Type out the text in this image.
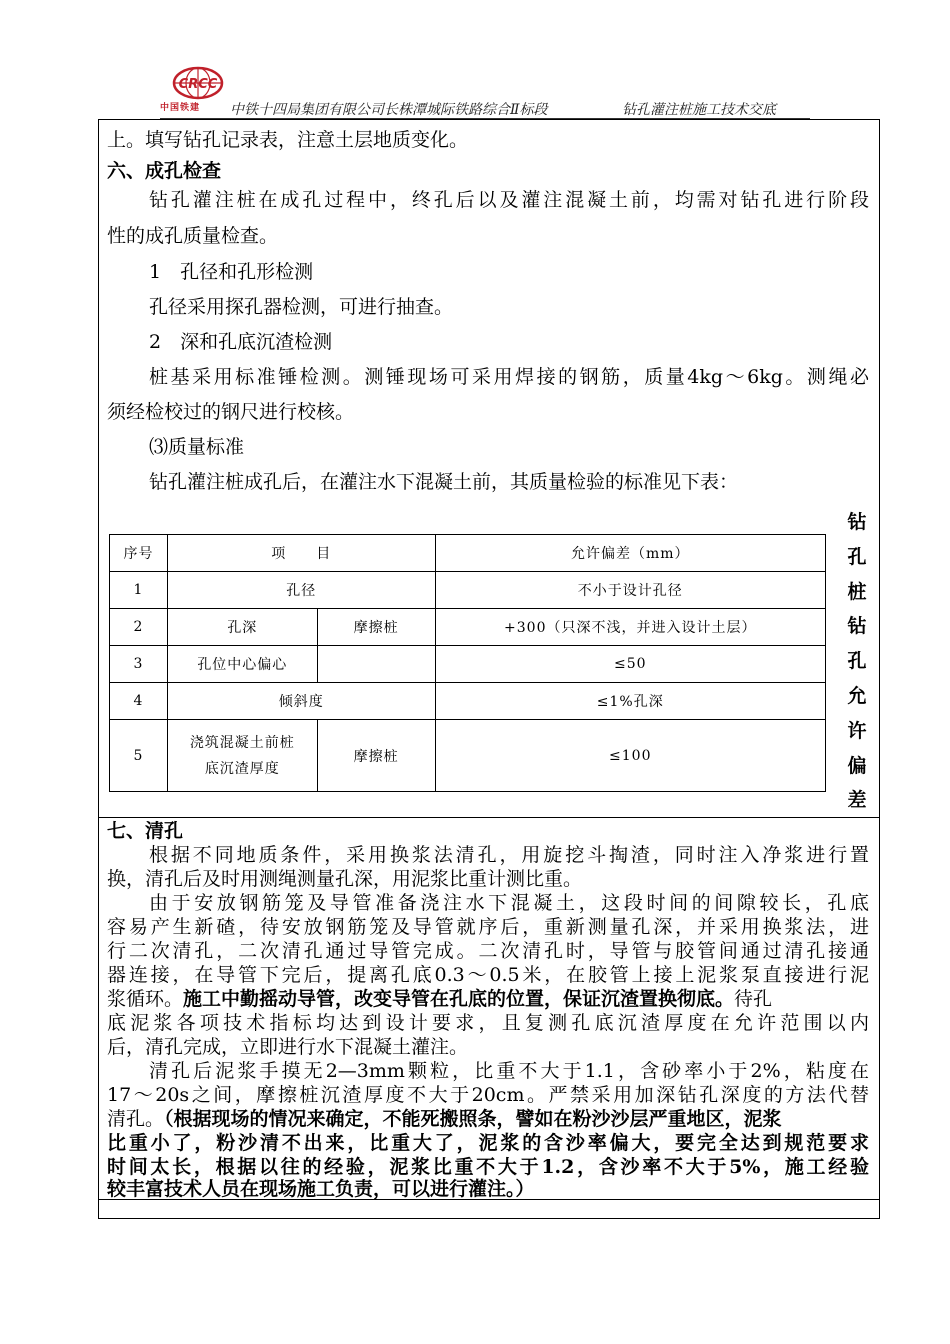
CRCC
中国铁建	中铁十四局集团有限公司长株潭城际铁路综合Ⅱ标段	钻孔灌注桩施工技术交底
上。填写钻孔记录表，注意土层地质变化。
六、成孔检查
钻孔灌注桩在成孔过程中，终孔后以及灌注混凝土前，均需对钻孔进行阶段
性的成孔质量检查。
1　孔径和孔形检测
孔径采用探孔器检测，可进行抽查。
2　深和孔底沉渣检测
桩基采用标准锤检测。测锤现场可采用焊接的钢筋，质量4kg～6kg。测绳必
须经检校过的钢尺进行校核。
⑶质量标准
钻孔灌注桩成孔后，在灌注水下混凝土前，其质量检验的标准见下表：
钻
孔
桩
钻
孔
允
许
偏
差
序号	项　　目		允许偏差（mm）
1	孔径		不小于设计孔径
2	孔深	摩擦桩	+300（只深不浅，并进入设计土层）
3	孔位中心偏心		≤50
4	倾斜度		≤1%孔深
5	浇筑混凝土前桩
底沉渣厚度	摩擦桩	≤100
七、清孔
根据不同地质条件，采用换浆法清孔，用旋挖斗掏渣，同时注入净浆进行置
换，清孔后及时用测绳测量孔深，用泥浆比重计测比重。
由于安放钢筋笼及导管准备浇注水下混凝土，这段时间的间隙较长，孔底
容易产生新碴，待安放钢筋笼及导管就序后，重新测量孔深，并采用换浆法，进
行二次清孔，二次清孔通过导管完成。二次清孔时，导管与胶管间通过清孔接通
器连接，在导管下完后，提离孔底0.3～0.5米，在胶管上接上泥浆泵直接进行泥
浆循环。施工中勤摇动导管，改变导管在孔底的位置，保证沉渣置换彻底。待孔
底泥浆各项技术指标均达到设计要求，且复测孔底沉渣厚度在允许范围以内
后，清孔完成，立即进行水下混凝土灌注。
清孔后泥浆手摸无2—3mm颗粒，比重不大于1.1，含砂率小于2%，粘度在
17～20s之间，摩擦桩沉渣厚度不大于20cm。严禁采用加深钻孔深度的方法代替
清孔。（根据现场的情况来确定，不能死搬照条，譬如在粉沙沙层严重地区，泥浆
比重小了，粉沙清不出来，比重大了，泥浆的含沙率偏大，要完全达到规范要求
时间太长，根据以往的经验，泥浆比重不大于1.2，含沙率不大于5%，施工经验
较丰富技术人员在现场施工负责，可以进行灌注。）
